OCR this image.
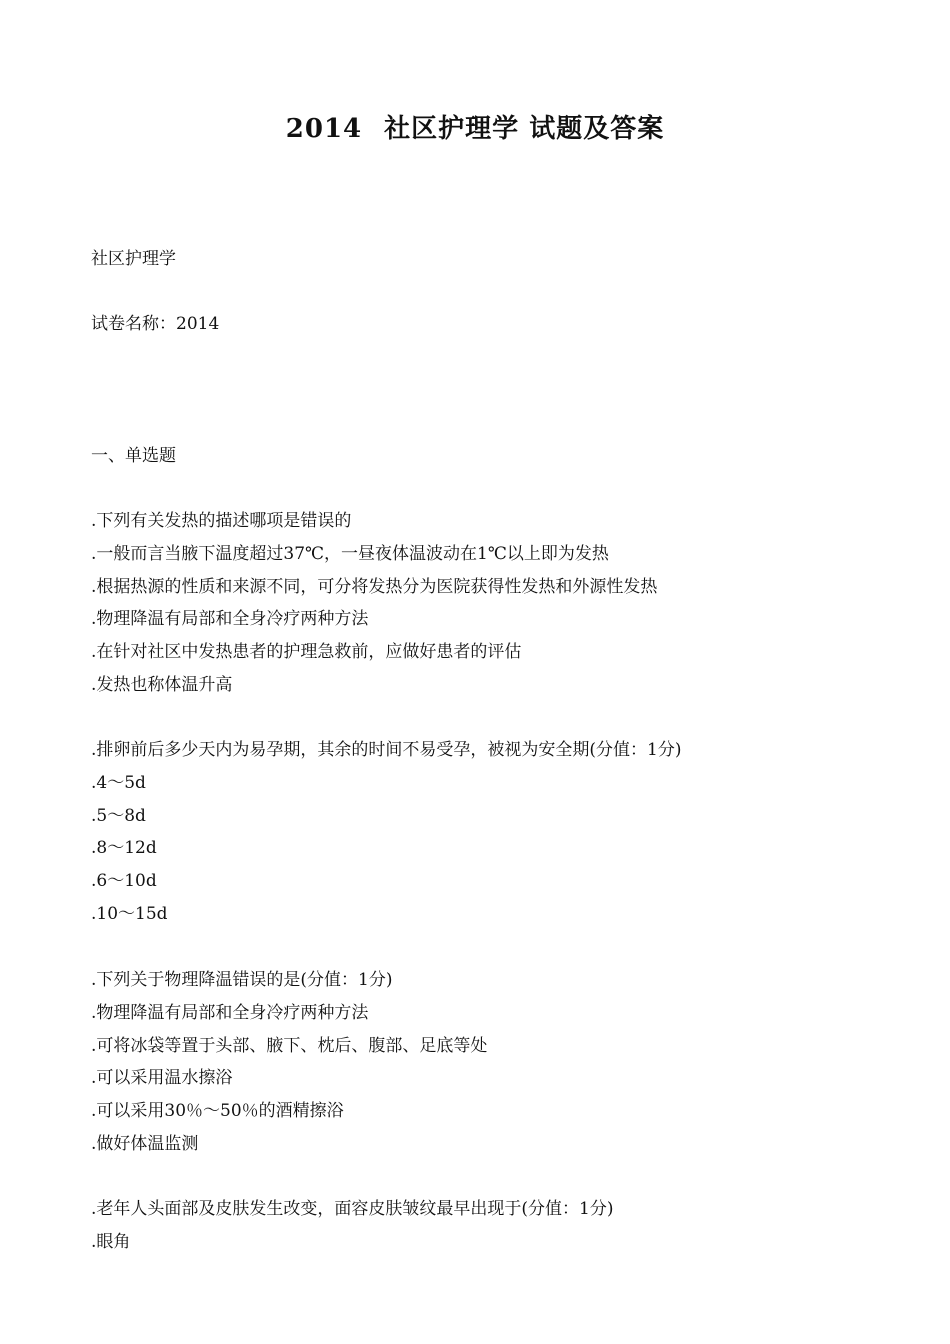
2014 社区护理学 试题及答案
社区护理学
试卷名称：2014
一、单选题
.下列有关发热的描述哪项是错误的
.一般而言当腋下温度超过37℃，一昼夜体温波动在1℃以上即为发热
.根据热源的性质和来源不同，可分将发热分为医院获得性发热和外源性发热
.物理降温有局部和全身冷疗两种方法
.在针对社区中发热患者的护理急救前，应做好患者的评估
.发热也称体温升高
.排卵前后多少天内为易孕期，其余的时间不易受孕，被视为安全期(分值：1分)
.4～5d
.5～8d
.8～12d
.6～10d
.10～15d
.下列关于物理降温错误的是(分值：1分)
.物理降温有局部和全身冷疗两种方法
.可将冰袋等置于头部、腋下、枕后、腹部、足底等处
.可以采用温水擦浴
.可以采用30％～50％的酒精擦浴
.做好体温监测
.老年人头面部及皮肤发生改变，面容皮肤皱纹最早出现于(分值：1分)
.眼角
